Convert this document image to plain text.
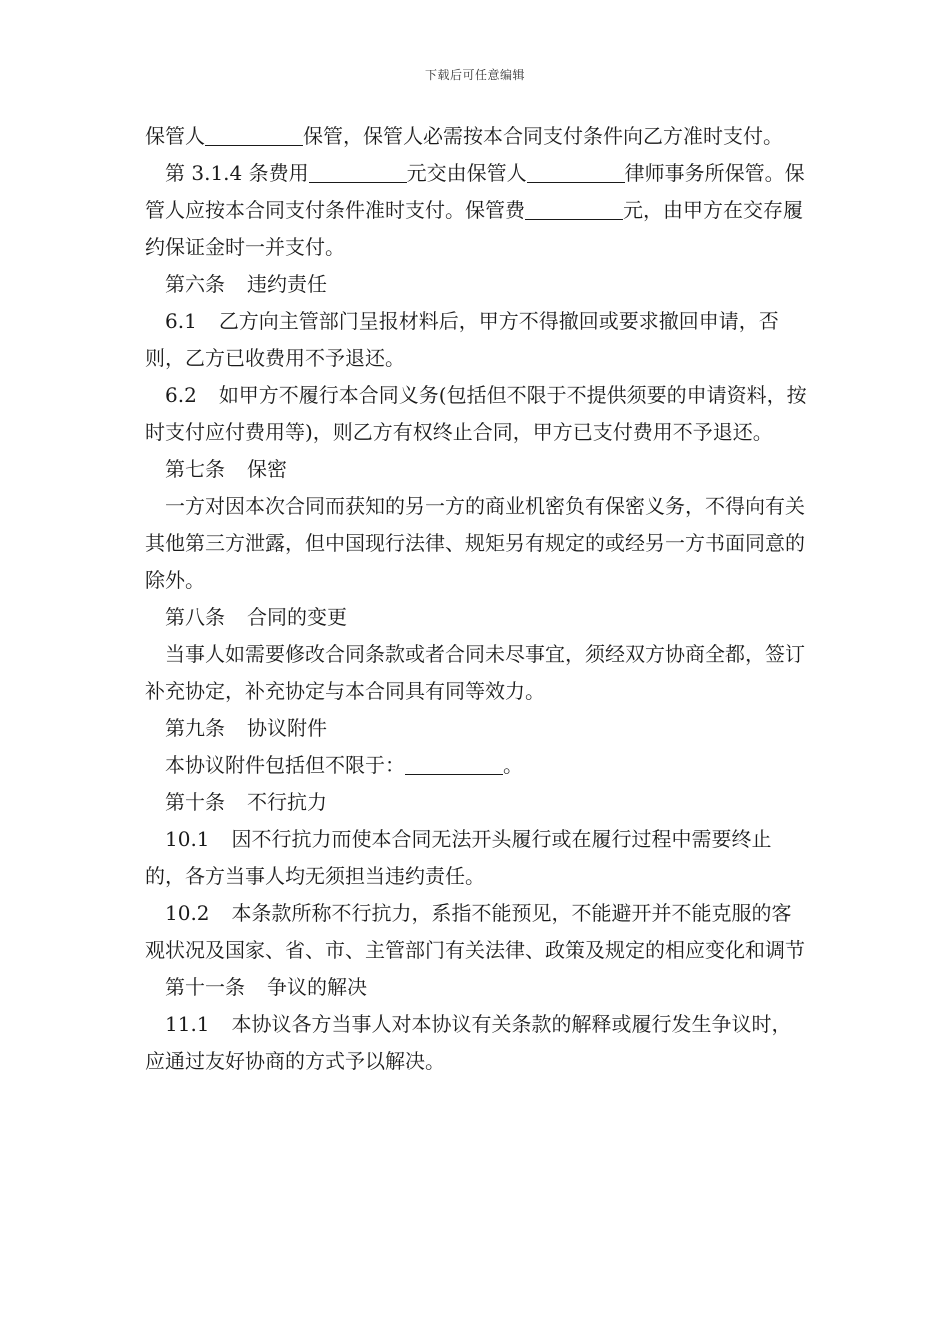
下载后可任意编辑

保管人	保管，保管人必需按本合同支付条件向乙方准时支付。

第 3.1.4 条费用	元交由保管人	律师事务所保管。保管人应按本合同支付条件准时支付。保管费	元，由甲方在交存履约保证金时一并支付。

第六条 违约责任

6.1 乙方向主管部门呈报材料后，甲方不得撤回或要求撤回申请，否则，乙方已收费用不予退还。

6.2 如甲方不履行本合同义务(包括但不限于不提供须要的申请资料，按时支付应付费用等)，则乙方有权终止合同，甲方已支付费用不予退还。

第七条 保密

一方对因本次合同而获知的另一方的商业机密负有保密义务，不得向有关其他第三方泄露，但中国现行法律、规矩另有规定的或经另一方书面同意的除外。

第八条 合同的变更

当事人如需要修改合同条款或者合同未尽事宜，须经双方协商全都，签订补充协定，补充协定与本合同具有同等效力。

第九条 协议附件

本协议附件包括但不限于：	。

第十条 不行抗力

10.1 因不行抗力而使本合同无法开头履行或在履行过程中需要终止的，各方当事人均无须担当违约责任。

10.2 本条款所称不行抗力，系指不能预见，不能避开并不能克服的客观状况及国家、省、市、主管部门有关法律、政策及规定的相应变化和调节

第十一条 争议的解决

11.1 本协议各方当事人对本协议有关条款的解释或履行发生争议时，应通过友好协商的方式予以解决。
